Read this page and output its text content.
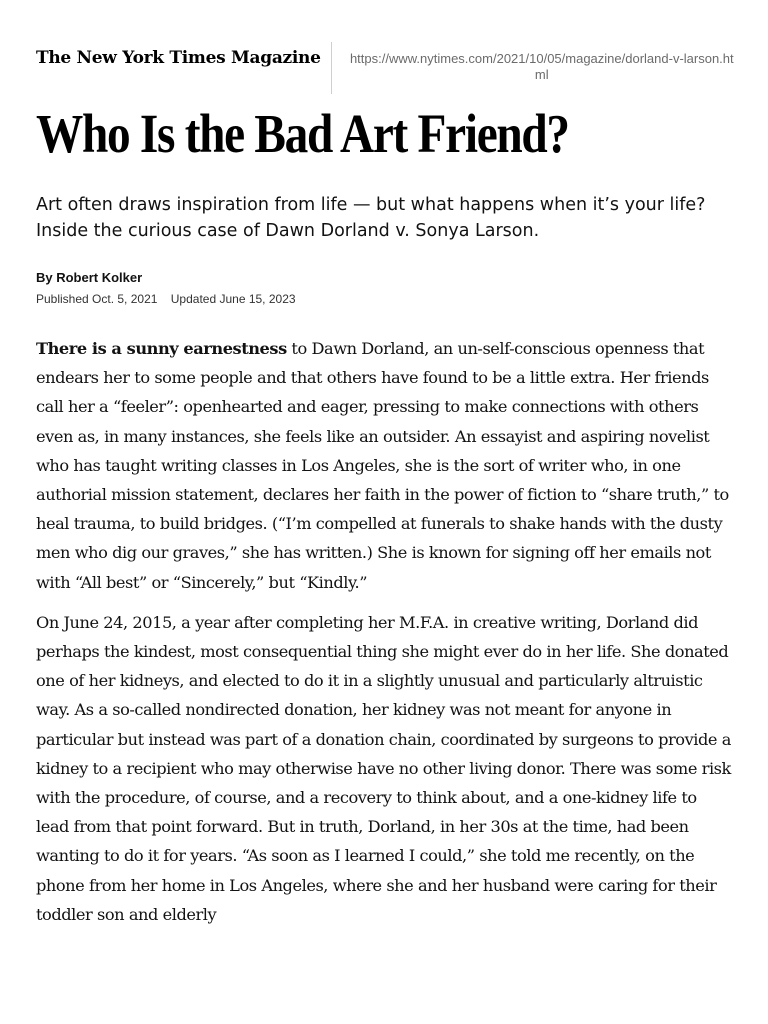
The New York Times Magazine	https://www.nytimes.com/2021/10/05/magazine/dorland-v-larson.html
Who Is the Bad Art Friend?
Art often draws inspiration from life — but what happens when it’s your life? Inside the curious case of Dawn Dorland v. Sonya Larson.
By Robert Kolker
Published Oct. 5, 2021 Updated June 15, 2023

There is a sunny earnestness to Dawn Dorland, an un-self-conscious openness that endears her to some people and that others have found to be a little extra. Her friends call her a “feeler”: openhearted and eager, pressing to make connections with others even as, in many instances, she feels like an outsider. An essayist and aspiring novelist who has taught writing classes in Los Angeles, she is the sort of writer who, in one authorial mission statement, declares her faith in the power of fiction to “share truth,” to heal trauma, to build bridges. (“I’m compelled at funerals to shake hands with the dusty men who dig our graves,” she has written.) She is known for signing off her emails not with “All best” or “Sincerely,” but “Kindly.”

On June 24, 2015, a year after completing her M.F.A. in creative writing, Dorland did perhaps the kindest, most consequential thing she might ever do in her life. She donated one of her kidneys, and elected to do it in a slightly unusual and particularly altruistic way. As a so-called nondirected donation, her kidney was not meant for anyone in particular but instead was part of a donation chain, coordinated by surgeons to provide a kidney to a recipient who may otherwise have no other living donor. There was some risk with the procedure, of course, and a recovery to think about, and a one-kidney life to lead from that point forward. But in truth, Dorland, in her 30s at the time, had been wanting to do it for years. “As soon as I learned I could,” she told me recently, on the phone from her home in Los Angeles, where she and her husband were caring for their toddler son and elderly
